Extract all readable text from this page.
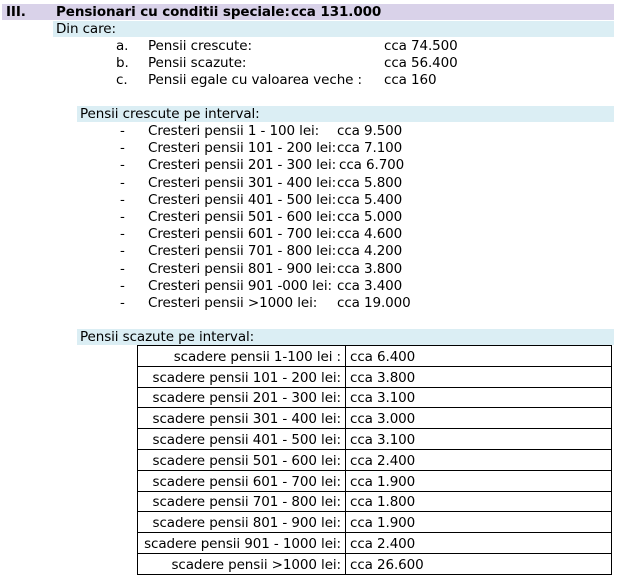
III. Pensionari cu conditii speciale: cca 131.000
Din care:
a. Pensii crescute:	cca 74.500
b. Pensii scazute:	cca 56.400
c. Pensii egale cu valoarea veche : cca 160
Pensii crescute pe interval:
- Cresteri pensii 1 - 100 lei: cca 9.500
- Cresteri pensii 101 - 200 lei: cca 7.100
- Cresteri pensii 201 - 300 lei: cca 6.700
- Cresteri pensii 301 - 400 lei: cca 5.800
- Cresteri pensii 401 - 500 lei: cca 5.400
- Cresteri pensii 501 - 600 lei: cca 5.000
- Cresteri pensii 601 - 700 lei: cca 4.600
- Cresteri pensii 701 - 800 lei: cca 4.200
- Cresteri pensii 801 - 900 lei: cca 3.800
- Cresteri pensii 901 -000 lei: cca 3.400
- Cresteri pensii >1000 lei: cca 19.000
Pensii scazute pe interval:
scadere pensii 1-100 lei :	cca 6.400
scadere pensii 101 - 200 lei:	cca 3.800
scadere pensii 201 - 300 lei:	cca 3.100
scadere pensii 301 - 400 lei:	cca 3.000
scadere pensii 401 - 500 lei:	cca 3.100
scadere pensii 501 - 600 lei:	cca 2.400
scadere pensii 601 - 700 lei:	cca 1.900
scadere pensii 701 - 800 lei:	cca 1.800
scadere pensii 801 - 900 lei:	cca 1.900
scadere pensii 901 - 1000 lei:	cca 2.400
scadere pensii >1000 lei:	cca 26.600
